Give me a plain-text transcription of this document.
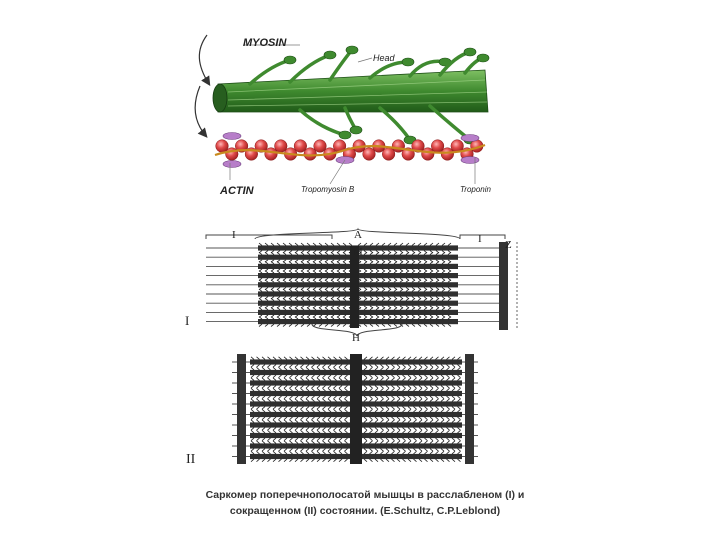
MYOSIN
Head
ACTIN	Tropomyosin B	Troponin
I	A
M
I Z
I
H
II
Саркомер поперечнополосатой мышцы в расслабленом (I) и
сокращенном (II) состоянии. (E.Schultz, C.P.Leblond)
